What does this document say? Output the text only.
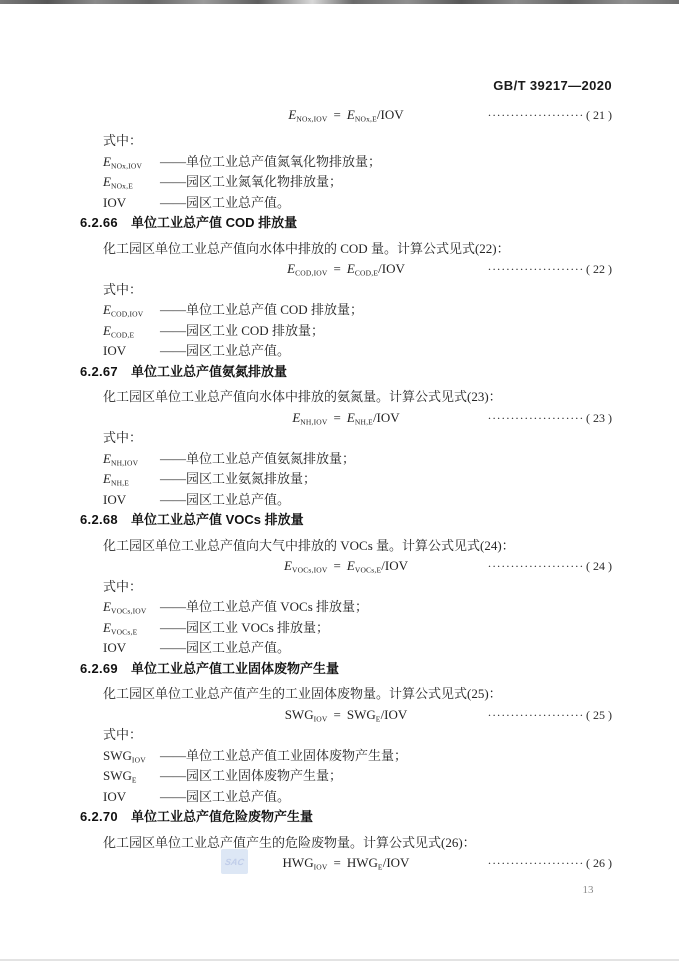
GB/T 39217—2020
$E_{NOx,IOV} = E_{NOx,E}/IOV$	····················· ( 21 )
式中：
$E_{NOx,IOV}$ ——单位工业总产值氮氧化物排放量；
$E_{NOx,E}$ ——园区工业氮氧化物排放量；
IOV	——园区工业总产值。
6.2.66 单位工业总产值 COD 排放量
化工园区单位工业总产值向水体中排放的 COD 量。计算公式见式(22)：
$E_{COD,IOV} = E_{COD,E}/IOV$	····················· ( 22 )
式中：
$E_{COD,IOV}$ ——单位工业总产值 COD 排放量；
$E_{COD,E}$ ——园区工业 COD 排放量；
IOV	——园区工业总产值。
6.2.67 单位工业总产值氨氮排放量
化工园区单位工业总产值向水体中排放的氨氮量。计算公式见式(23)：
$E_{NH,IOV} = E_{NH,E}/IOV$	····················· ( 23 )
式中：
$E_{NH,IOV}$ ——单位工业总产值氨氮排放量；
$E_{NH,E}$ ——园区工业氨氮排放量；
IOV	——园区工业总产值。
6.2.68 单位工业总产值 VOCs 排放量
化工园区单位工业总产值向大气中排放的 VOCs 量。计算公式见式(24)：
$E_{VOCs,IOV} = E_{VOCs,E}/IOV$	····················· ( 24 )
式中：
$E_{VOCs,IOV}$ ——单位工业总产值 VOCs 排放量；
$E_{VOCs,E}$ ——园区工业 VOCs 排放量；
IOV	——园区工业总产值。
6.2.69 单位工业总产值工业固体废物产生量
化工园区单位工业总产值产生的工业固体废物量。计算公式见式(25)：
$SWG_{IOV} = SWG_E/IOV$	····················· ( 25 )
式中：
$SWG_{IOV}$ ——单位工业总产值工业固体废物产生量；
$SWG_E$ ——园区工业固体废物产生量；
IOV	——园区工业总产值。
6.2.70 单位工业总产值危险废物产生量
化工园区单位工业总产值产生的危险废物量。计算公式见式(26)：
$HWG_{IOV} = HWG_E/IOV$	····················· ( 26 )
SAC
13
